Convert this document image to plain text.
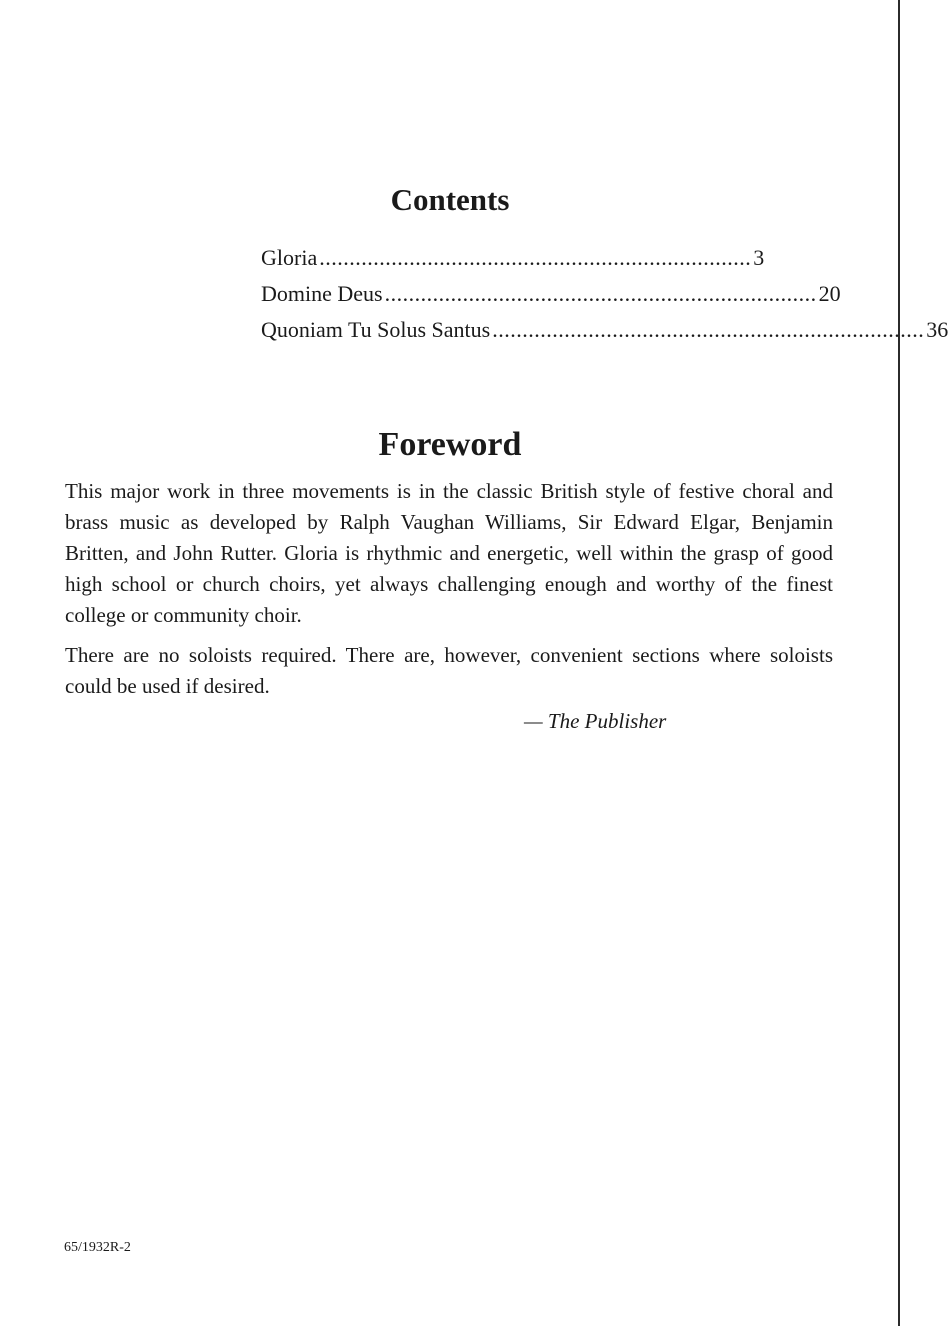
Contents
Gloria ........................................................................ 3
Domine Deus ........................................................................ 20
Quoniam Tu Solus Santus ........................................................................ 36
Foreword

This major work in three movements is in the classic British style of festive choral and brass music as developed by Ralph Vaughan Williams, Sir Edward Elgar, Benjamin Britten, and John Rutter. Gloria is rhythmic and energetic, well within the grasp of good high school or church choirs, yet always challenging enough and worthy of the finest college or community choir.

There are no soloists required. There are, however, convenient sections where soloists could be used if desired.

— The Publisher
65/1932R-2
